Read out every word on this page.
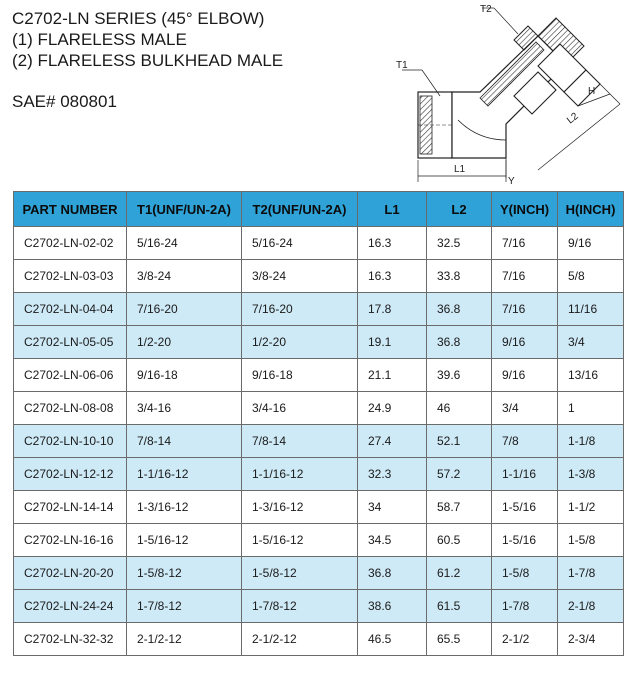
C2702-LN SERIES (45° ELBOW)
(1) FLARELESS MALE
(2) FLARELESS BULKHEAD MALE
SAE# 080801
T2
T1
H
L2
L1
Y
PART NUMBER	T1(UNF/UN-2A)	T2(UNF/UN-2A)	L1	L2	Y(INCH)	H(INCH)
C2702-LN-02-02	5/16-24	5/16-24	16.3	32.5	7/16	9/16
C2702-LN-03-03	3/8-24	3/8-24	16.3	33.8	7/16	5/8
C2702-LN-04-04	7/16-20	7/16-20	17.8	36.8	7/16	11/16
C2702-LN-05-05	1/2-20	1/2-20	19.1	36.8	9/16	3/4
C2702-LN-06-06	9/16-18	9/16-18	21.1	39.6	9/16	13/16
C2702-LN-08-08	3/4-16	3/4-16	24.9	46	3/4	1
C2702-LN-10-10	7/8-14	7/8-14	27.4	52.1	7/8	1-1/8
C2702-LN-12-12	1-1/16-12	1-1/16-12	32.3	57.2	1-1/16	1-3/8
C2702-LN-14-14	1-3/16-12	1-3/16-12	34	58.7	1-5/16	1-1/2
C2702-LN-16-16	1-5/16-12	1-5/16-12	34.5	60.5	1-5/16	1-5/8
C2702-LN-20-20	1-5/8-12	1-5/8-12	36.8	61.2	1-5/8	1-7/8
C2702-LN-24-24	1-7/8-12	1-7/8-12	38.6	61.5	1-7/8	2-1/8
C2702-LN-32-32	2-1/2-12	2-1/2-12	46.5	65.5	2-1/2	2-3/4
